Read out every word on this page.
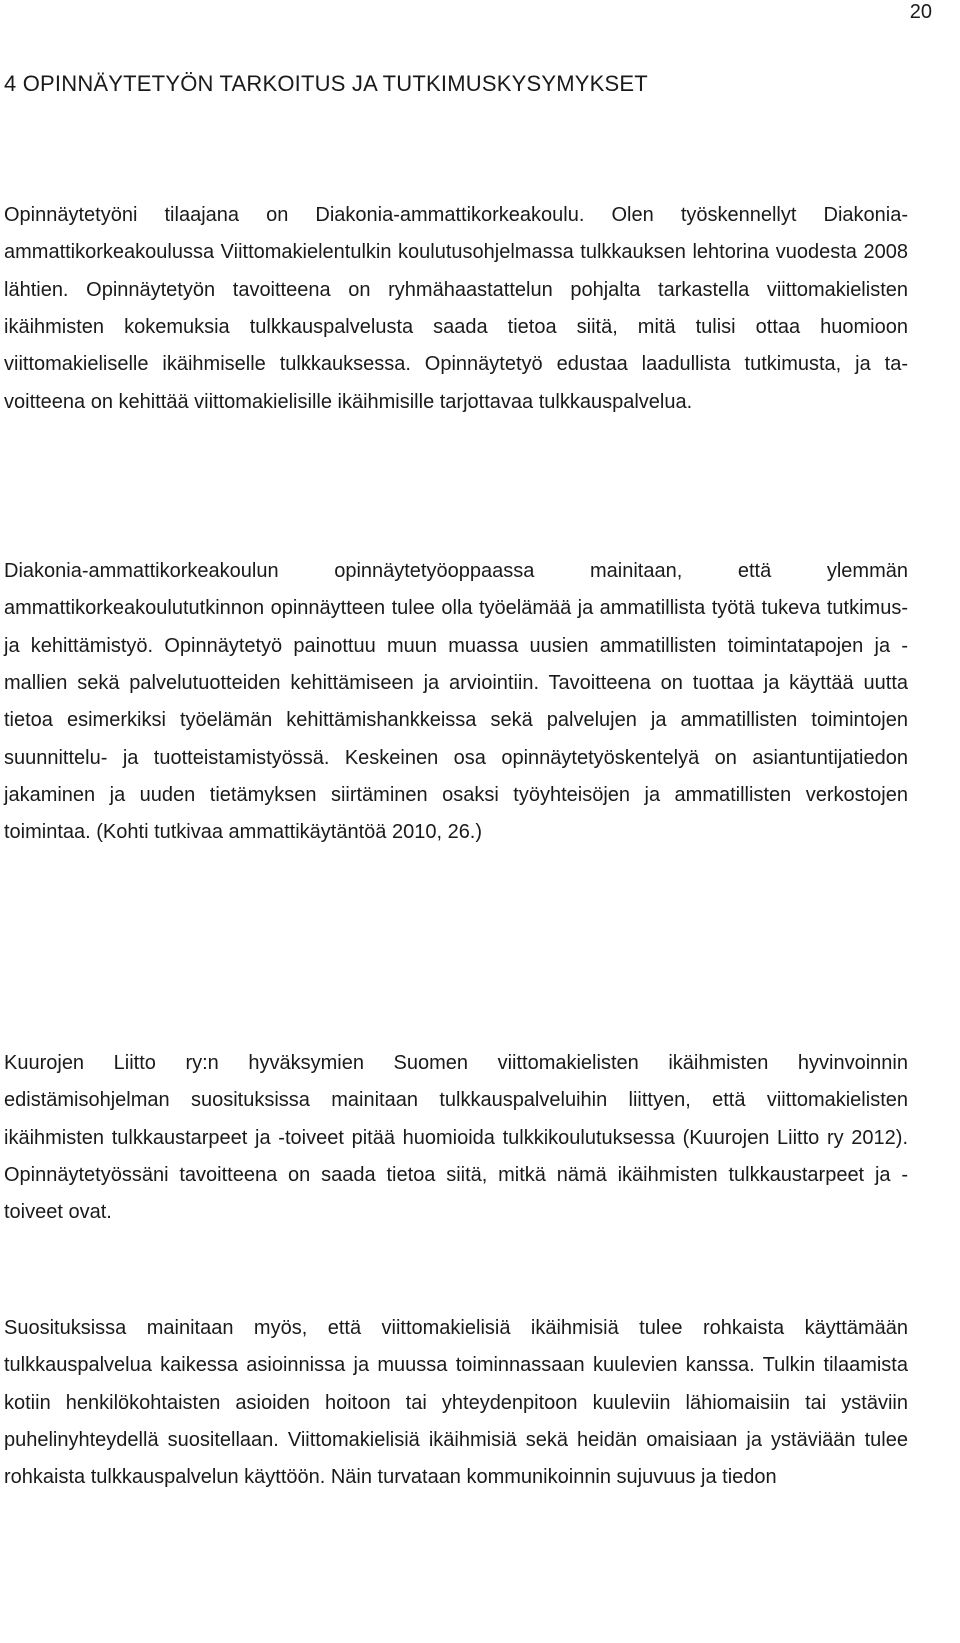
20
4 OPINNÄYTETYÖN TARKOITUS JA TUTKIMUSKYSYMYKSET

Opinnäytetyöni tilaajana on Diakonia-ammattikorkeakoulu. Olen työskennellyt Diakonia-ammattikorkeakoulussa Viittomakielentulkin koulutusohjelmassa tulkkauksen lehtorina vuodesta 2008 lähtien. Opinnäytetyön tavoitteena on ryhmähaastattelun pohjalta tarkastella viittomakielisten ikäihmisten kokemuksia tulkkauspalvelusta saada tietoa siitä, mitä tulisi ottaa huomioon viittomakieliselle ikäihmiselle tulkkauksessa. Opinnäytetyö edustaa laadullista tutkimusta, ja tavoitteena on kehittää viittomakielisille ikäihmisille tarjottavaa tulkkauspalvelua.

Diakonia-ammattikorkeakoulun opinnäytetyöoppaassa mainitaan, että ylemmän ammattikorkeakoulututkinnon opinnäytteen tulee olla työelämää ja ammatillista työtä tukeva tutkimus- ja kehittämistyö. Opinnäytetyö painottuu muun muassa uusien ammatillisten toimintatapojen ja -mallien sekä palvelutuotteiden kehittämiseen ja arviointiin. Tavoitteena on tuottaa ja käyttää uutta tietoa esimerkiksi työelämän kehittämishankkeissa sekä palvelujen ja ammatillisten toimintojen suunnittelu- ja tuotteistamistyössä. Keskeinen osa opinnäytetyöskentelyä on asiantuntijatiedon jakaminen ja uuden tietämyksen siirtäminen osaksi työyhteisöjen ja ammatillisten verkostojen toimintaa. (Kohti tutkivaa ammattikäytäntöä 2010, 26.)

Kuurojen Liitto ry:n hyväksymien Suomen viittomakielisten ikäihmisten hyvinvoinnin edistämisohjelman suosituksissa mainitaan tulkkauspalveluihin liittyen, että viittomakielisten ikäihmisten tulkkaustarpeet ja -toiveet pitää huomioida tulkkikoulutuksessa (Kuurojen Liitto ry 2012). Opinnäytetyössäni tavoitteena on saada tietoa siitä, mitkä nämä ikäihmisten tulkkaustarpeet ja -toiveet ovat.

Suosituksissa mainitaan myös, että viittomakielisiä ikäihmisiä tulee rohkaista käyttämään tulkkauspalvelua kaikessa asioinnissa ja muussa toiminnassaan kuulevien kanssa. Tulkin tilaamista kotiin henkilökohtaisten asioiden hoitoon tai yhteydenpitoon kuuleviin lähiomaisiin tai ystäviin puhelinyhteydellä suositellaan. Viittomakielisiä ikäihmisiä sekä heidän omaisiaan ja ystäviään tulee rohkaista tulkkauspalvelun käyttöön. Näin turvataan kommunikoinnin sujuvuus ja tiedon
